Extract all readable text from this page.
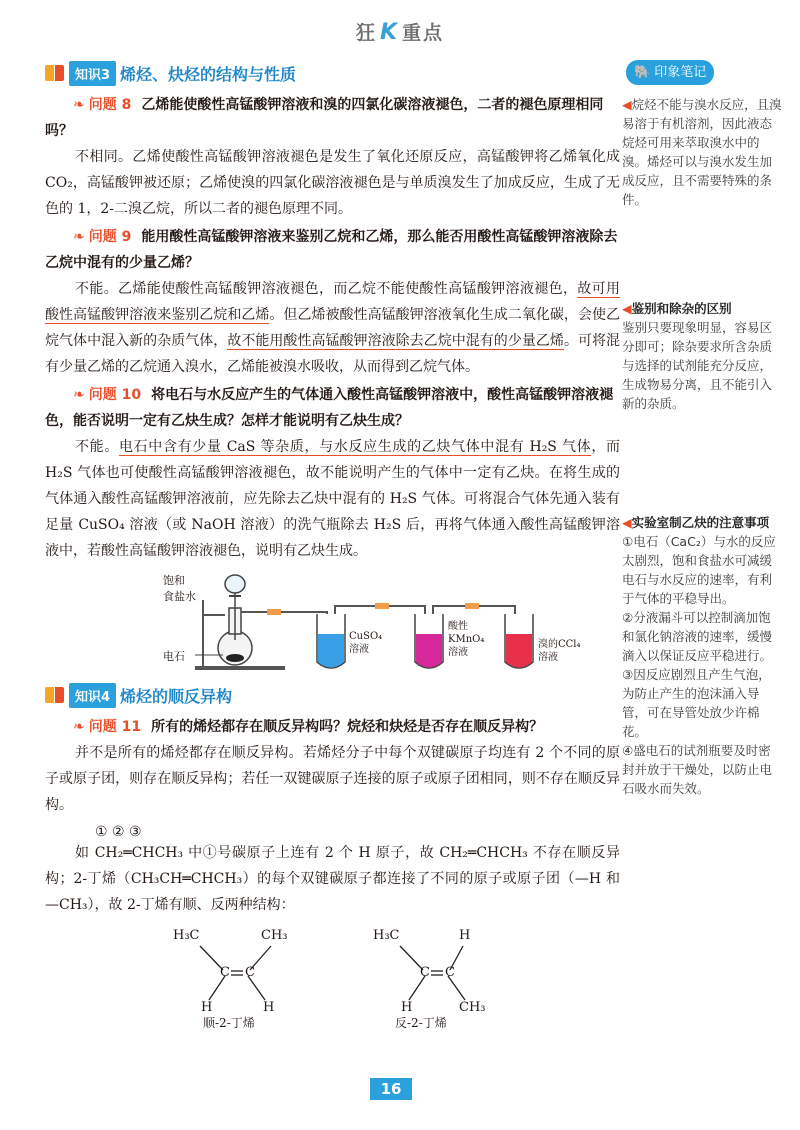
狂 K 重点
知识3 烯烃、炔烃的结构与性质
❧ 问题 8 乙烯能使酸性高锰酸钾溶液和溴的四氯化碳溶液褪色，二者的褪色原理相同吗？
不相同。乙烯使酸性高锰酸钾溶液褪色是发生了氧化还原反应，高锰酸钾将乙烯氧化成 CO₂，高锰酸钾被还原；乙烯使溴的四氯化碳溶液褪色是与单质溴发生了加成反应，生成了无色的 1，2-二溴乙烷，所以二者的褪色原理不同。
❧ 问题 9 能用酸性高锰酸钾溶液来鉴别乙烷和乙烯，那么能否用酸性高锰酸钾溶液除去乙烷中混有的少量乙烯？
不能。乙烯能使酸性高锰酸钾溶液褪色，而乙烷不能使酸性高锰酸钾溶液褪色，故可用酸性高锰酸钾溶液来鉴别乙烷和乙烯。但乙烯被酸性高锰酸钾溶液氧化生成二氧化碳，会使乙烷气体中混入新的杂质气体，故不能用酸性高锰酸钾溶液除去乙烷中混有的少量乙烯。可将混有少量乙烯的乙烷通入溴水，乙烯能被溴水吸收，从而得到乙烷气体。
❧ 问题 10 将电石与水反应产生的气体通入酸性高锰酸钾溶液中，酸性高锰酸钾溶液褪色，能否说明一定有乙炔生成？怎样才能说明有乙炔生成？
不能。电石中含有少量 CaS 等杂质，与水反应生成的乙炔气体中混有 H₂S 气体，而 H₂S 气体也可使酸性高锰酸钾溶液褪色，故不能说明产生的气体中一定有乙炔。在将生成的气体通入酸性高锰酸钾溶液前，应先除去乙炔中混有的 H₂S 气体。可将混合气体先通入装有足量 CuSO₄ 溶液（或 NaOH 溶液）的洗气瓶除去 H₂S 后，再将气体通入酸性高锰酸钾溶液中，若酸性高锰酸钾溶液褪色，说明有乙炔生成。
饱和
食盐水
电石
CuSO₄
溶液
酸性
KMnO₄
溶液
溴的CCl₄
溶液
知识4 烯烃的顺反异构
❧ 问题 11 所有的烯烃都存在顺反异构吗？烷烃和炔烃是否存在顺反异构？
并不是所有的烯烃都存在顺反异构。若烯烃分子中每个双键碳原子均连有 2 个不同的原子或原子团，则存在顺反异构；若任一双键碳原子连接的原子或原子团相同，则不存在顺反异构。
① ② ③
如 CH₂═CHCH₃ 中①号碳原子上连有 2 个 H 原子，故 CH₂═CHCH₃ 不存在顺反异构；2-丁烯（CH₃CH═CHCH₃）的每个双键碳原子都连接了不同的原子或原子团（—H 和—CH₃），故 2-丁烯有顺、反两种结构：
H₃C	CH₃
C C
H	H
顺-2-丁烯
H₃C	H
C C
H	CH₃
反-2-丁烯
🐘 印象笔记
◀烷烃不能与溴水反应，且溴易溶于有机溶剂，因此液态烷烃可用来萃取溴水中的溴。烯烃可以与溴水发生加成反应，且不需要特殊的条件。
◀鉴别和除杂的区别
鉴别只要现象明显，容易区分即可；除杂要求所含杂质与选择的试剂能充分反应，生成物易分离，且不能引入新的杂质。
◀实验室制乙炔的注意事项
①电石（CaC₂）与水的反应太剧烈，饱和食盐水可减缓电石与水反应的速率，有利于气体的平稳导出。
②分液漏斗可以控制滴加饱和氯化钠溶液的速率，缓慢滴入以保证反应平稳进行。
③因反应剧烈且产生气泡，为防止产生的泡沫涌入导管，可在导管处放少许棉花。
④盛电石的试剂瓶要及时密封并放于干燥处，以防止电石吸水而失效。
16
